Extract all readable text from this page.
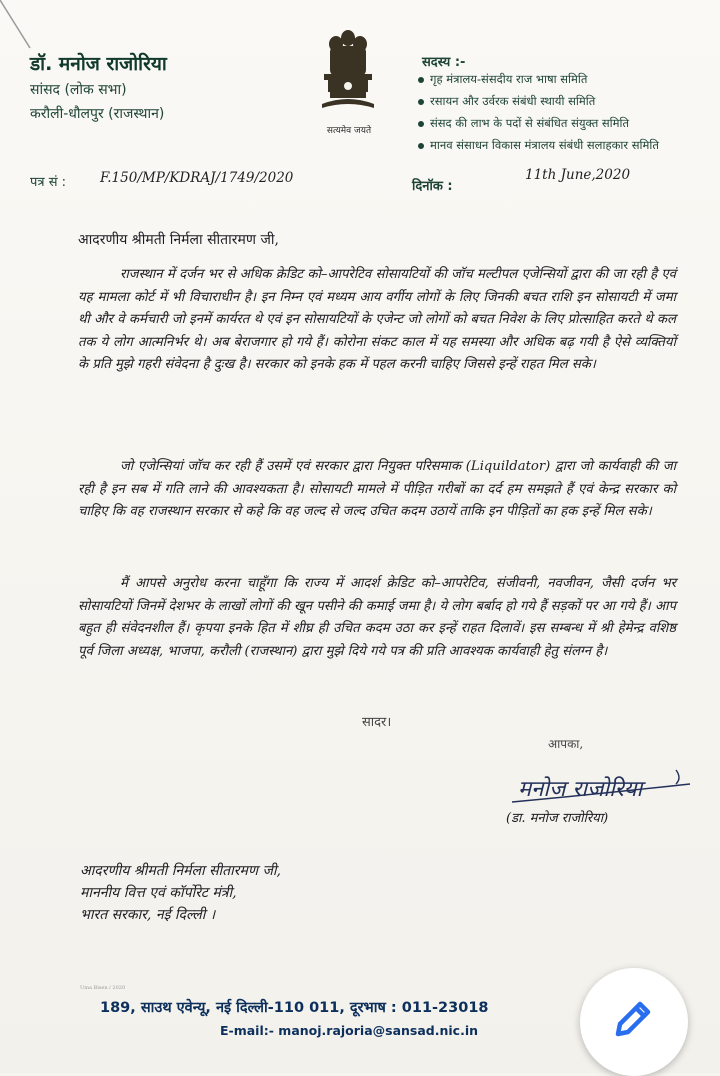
डॉ. मनोज राजोरिया
सांसद (लोक सभा)
करौली-धौलपुर (राजस्थान)
सत्यमेव जयते
सदस्य :-
गृह मंत्रालय-संसदीय राज भाषा समिति
रसायन और उर्वरक संबंधी स्थायी समिति
संसद की लाभ के पदों से संबंधित संयुक्त समिति
मानव संसाधन विकास मंत्रालय संबंधी सलाहकार समिति
पत्र सं :	F.150/MP/KDRAJ/1749/2020
दिनॉक :
11th June,2020
आदरणीय श्रीमती निर्मला सीतारमण जी,

राजस्थान में दर्जन भर से अधिक क्रेडिट को–आपरेटिव सोसायटियों की जॉच मल्टीपल एजेन्सियों द्वारा की जा रही है एवं यह मामला कोर्ट में भी विचाराधीन है। इन निम्न एवं मध्यम आय वर्गीय लोगों के लिए जिनकी बचत राशि इन सोसायटी में जमा थी और वे कर्मचारी जो इनमें कार्यरत थे एवं इन सोसायटियों के एजेन्ट जो लोगों को बचत निवेश के लिए प्रोत्साहित करते थे कल तक ये लोग आत्मनिर्भर थे। अब बेराजगार हो गये हैं। कोरोना संकट काल में यह समस्या और अधिक बढ़ गयी है ऐसे व्यक्तियों के प्रति मुझे गहरी संवेदना है दुःख है। सरकार को इनके हक में पहल करनी चाहिए जिससे इन्हें राहत मिल सके।

जो एजेन्सियां जॉच कर रही हैं उसमें एवं सरकार द्वारा नियुक्त परिसमाक (Liquildator) द्वारा जो कार्यवाही की जा रही है इन सब में गति लाने की आवश्यकता है। सोसायटी मामले में पीड़ित गरीबों का दर्द हम समझते हैं एवं केन्द्र सरकार को चाहिए कि वह राजस्थान सरकार से कहे कि वह जल्द से जल्द उचित कदम उठायें ताकि इन पीड़ितों का हक इन्हें मिल सके।

मैं आपसे अनुरोध करना चाहूँगा कि राज्य में आदर्श क्रेडिट को–आपरेटिव, संजीवनी, नवजीवन, जैसी दर्जन भर सोसायटियों जिनमें देशभर के लाखों लोगों की खून पसीने की कमाई जमा है। ये लोग बर्बाद हो गये हैं सड़कों पर आ गये हैं। आप बहुत ही संवेदनशील हैं। कृपया इनके हित में शीघ्र ही उचित कदम उठा कर इन्हें राहत दिलावें। इस सम्बन्ध में श्री हेमेन्द्र वशिष्ठ पूर्व जिला अध्यक्ष, भाजपा, करौली (राजस्थान) द्वारा मुझे दिये गये पत्र की प्रति आवश्यक कार्यवाही हेतु संलग्न है।

सादर।
आपका,
मनोज राजोरिया
(डा. मनोज राजोरिया)
आदरणीय श्रीमती निर्मला सीतारमण जी,
माननीय वित्त एवं कॉर्पोरेट मंत्री,
भारत सरकार, नई दिल्ली ।
Uma Bisen / 2020
189, साउथ एवेन्यू, नई दिल्ली-110 011, दूरभाष : 011-23018
E-mail:- manoj.rajoria@sansad.nic.in
